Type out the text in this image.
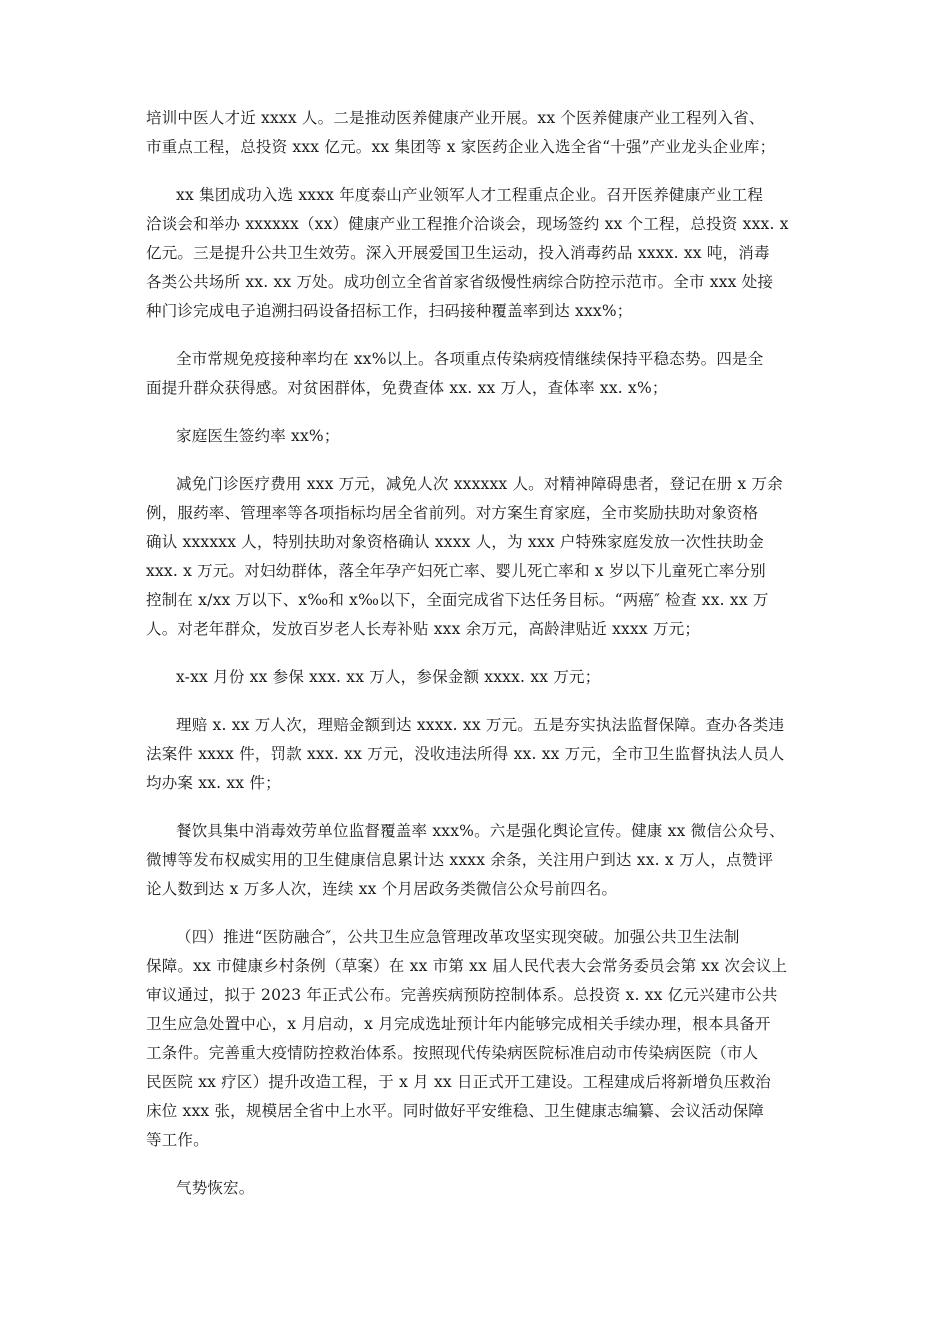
培训中医人才近 xxxx 人。二是推动医养健康产业开展。xx 个医养健康产业工程列入省、
市重点工程，总投资 xxx 亿元。xx 集团等 x 家医药企业入选全省“十强”产业龙头企业库；
xx 集团成功入选 xxxx 年度泰山产业领军人才工程重点企业。召开医养健康产业工程
洽谈会和举办 xxxxxx（xx）健康产业工程推介洽谈会，现场签约 xx 个工程，总投资 xxx. x
亿元。三是提升公共卫生效劳。深入开展爱国卫生运动，投入消毒药品 xxxx. xx 吨，消毒
各类公共场所 xx. xx 万处。成功创立全省首家省级慢性病综合防控示范市。全市 xxx 处接
种门诊完成电子追溯扫码设备招标工作，扫码接种覆盖率到达 xxx%；
全市常规免疫接种率均在 xx%以上。各项重点传染病疫情继续保持平稳态势。四是全
面提升群众获得感。对贫困群体，免费查体 xx. xx 万人，查体率 xx. x%；
家庭医生签约率 xx%；
减免门诊医疗费用 xxx 万元，减免人次 xxxxxx 人。对精神障碍患者，登记在册 x 万余
例，服药率、管理率等各项指标均居全省前列。对方案生育家庭，全市奖励扶助对象资格
确认 xxxxxx 人，特别扶助对象资格确认 xxxx 人，为 xxx 户特殊家庭发放一次性扶助金
xxx. x 万元。对妇幼群体，落全年孕产妇死亡率、婴儿死亡率和 x 岁以下儿童死亡率分别
控制在 x/xx 万以下、x‰和 x‰以下，全面完成省下达任务目标。“两癌″ 检查 xx. xx 万
人。对老年群众，发放百岁老人长寿补贴 xxx 余万元，高龄津贴近 xxxx 万元；
x-xx 月份 xx 参保 xxx. xx 万人，参保金额 xxxx. xx 万元；
理赔 x. xx 万人次，理赔金额到达 xxxx. xx 万元。五是夯实执法监督保障。查办各类违
法案件 xxxx 件，罚款 xxx. xx 万元，没收违法所得 xx. xx 万元，全市卫生监督执法人员人
均办案 xx. xx 件；
餐饮具集中消毒效劳单位监督覆盖率 xxx%。六是强化舆论宣传。健康 xx 微信公众号、
微博等发布权威实用的卫生健康信息累计达 xxxx 余条，关注用户到达 xx. x 万人，点赞评
论人数到达 x 万多人次，连续 xx 个月居政务类微信公众号前四名。
（四）推进“医防融合″，公共卫生应急管理改革攻坚实现突破。加强公共卫生法制
保障。xx 市健康乡村条例（草案）在 xx 市第 xx 届人民代表大会常务委员会第 xx 次会议上
审议通过，拟于 2023 年正式公布。完善疾病预防控制体系。总投资 x. xx 亿元兴建市公共
卫生应急处置中心，x 月启动，x 月完成选址预计年内能够完成相关手续办理，根本具备开
工条件。完善重大疫情防控救治体系。按照现代传染病医院标准启动市传染病医院（市人
民医院 xx 疗区）提升改造工程，于 x 月 xx 日正式开工建设。工程建成后将新增负压救治
床位 xxx 张，规模居全省中上水平。同时做好平安维稳、卫生健康志编纂、会议活动保障
等工作。
气势恢宏。
